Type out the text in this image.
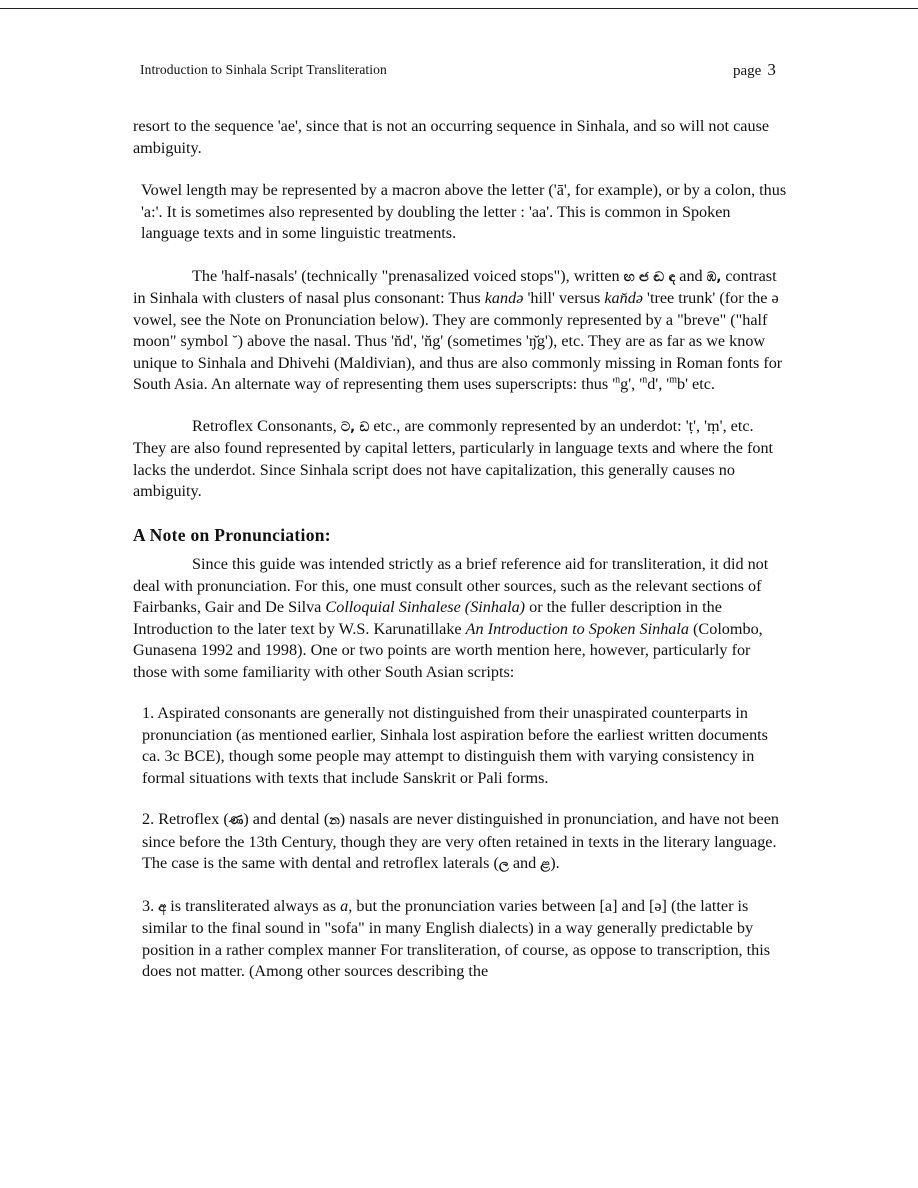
Introduction to Sinhala Script Transliteration	page 3

resort to the sequence 'ae', since that is not an occurring sequence in Sinhala, and so will not cause ambiguity.

Vowel length may be represented by a macron above the letter ('ā', for example), or by a colon, thus 'a:'. It is sometimes also represented by doubling the letter : 'aa'. This is common in Spoken language texts and in some linguistic treatments.

The 'half-nasals' (technically "prenasalized voiced stops"), written ඟ ඦ ඬ ඳ and ඹ, contrast in Sinhala with clusters of nasal plus consonant: Thus kandə 'hill' versus kan̆də 'tree trunk' (for the ə vowel, see the Note on Pronunciation below). They are commonly represented by a "breve" ("half moon" symbol ˘) above the nasal. Thus 'n̆d', 'n̆g' (sometimes 'ŋ̆g'), etc. They are as far as we know unique to Sinhala and Dhivehi (Maldivian), and thus are also commonly missing in Roman fonts for South Asia. An alternate way of representing them uses superscripts: thus '$^ng$', '$^nd$', '$^mb$' etc.

Retroflex Consonants, ට, ඩ etc., are commonly represented by an underdot: 'ṭ', 'ṃ', etc. They are also found represented by capital letters, particularly in language texts and where the font lacks the underdot. Since Sinhala script does not have capitalization, this generally causes no ambiguity.

A Note on Pronunciation:

Since this guide was intended strictly as a brief reference aid for transliteration, it did not deal with pronunciation. For this, one must consult other sources, such as the relevant sections of Fairbanks, Gair and De Silva Colloquial Sinhalese (Sinhala) or the fuller description in the Introduction to the later text by W.S. Karunatillake An Introduction to Spoken Sinhala (Colombo, Gunasena 1992 and 1998). One or two points are worth mention here, however, particularly for those with some familiarity with other South Asian scripts:

1. Aspirated consonants are generally not distinguished from their unaspirated counterparts in pronunciation (as mentioned earlier, Sinhala lost aspiration before the earliest written documents ca. 3c BCE), though some people may attempt to distinguish them with varying consistency in formal situations with texts that include Sanskrit or Pali forms.

2. Retroflex (ණ) and dental (න) nasals are never distinguished in pronunciation, and have not been since before the 13th Century, though they are very often retained in texts in the literary language. The case is the same with dental and retroflex laterals (ල and ළ).

3. අ is transliterated always as a, but the pronunciation varies between [a] and [ə] (the latter is similar to the final sound in "sofa" in many English dialects) in a way generally predictable by position in a rather complex manner For transliteration, of course, as oppose to transcription, this does not matter. (Among other sources describing the
